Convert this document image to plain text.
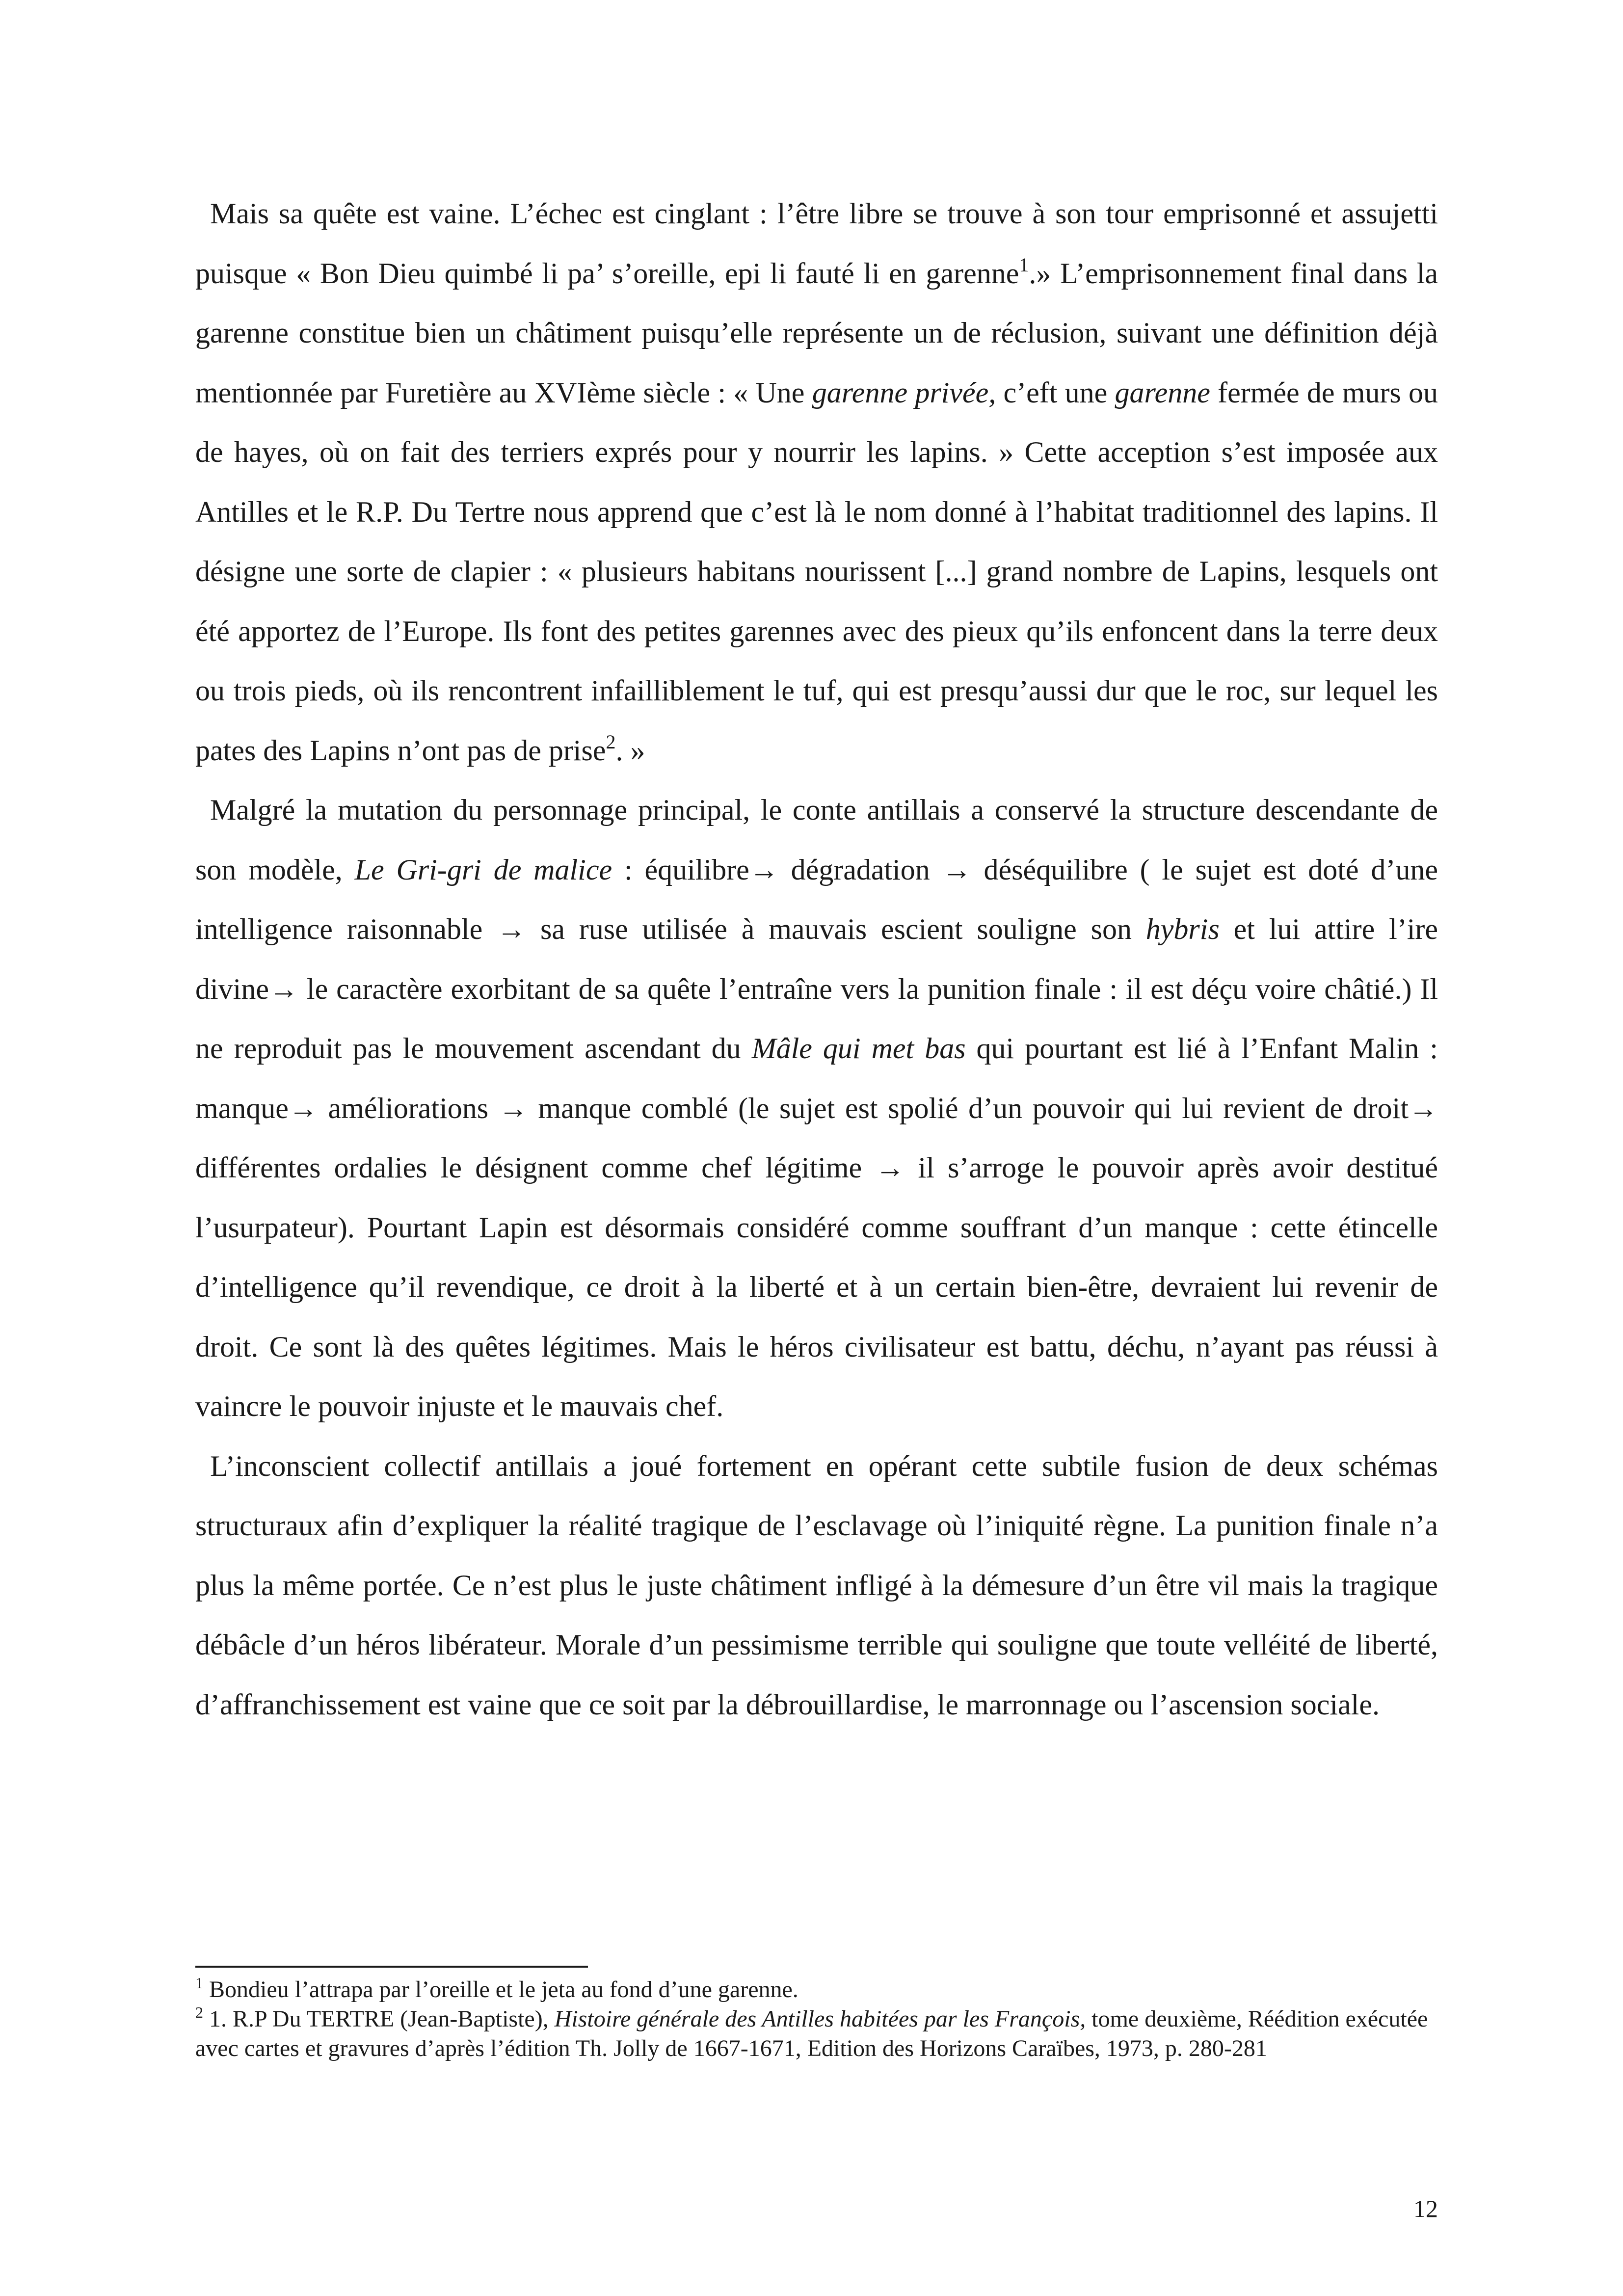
Mais sa quête est vaine. L’échec est cinglant : l’être libre se trouve à son tour emprisonné et assujetti puisque « Bon Dieu quimbé li pa’ s’oreille, epi li fauté li en garenne$^1$.» L’emprisonnement final dans la garenne constitue bien un châtiment puisqu’elle représente un de réclusion, suivant une définition déjà mentionnée par Furetière au XVIème siècle : « Une garenne privée, c’eft une garenne fermée de murs ou de hayes, où on fait des terriers exprés pour y nourrir les lapins. » Cette acception s’est imposée aux Antilles et le R.P. Du Tertre nous apprend que c’est là le nom donné à l’habitat traditionnel des lapins. Il désigne une sorte de clapier : « plusieurs habitans nourissent [...] grand nombre de Lapins, lesquels ont été apportez de l’Europe. Ils font des petites garennes avec des pieux qu’ils enfoncent dans la terre deux ou trois pieds, où ils rencontrent infailliblement le tuf, qui est presqu’aussi dur que le roc, sur lequel les pates des Lapins n’ont pas de prise$^2$. »

Malgré la mutation du personnage principal, le conte antillais a conservé la structure descendante de son modèle, Le Gri-gri de malice : équilibre→ dégradation → déséquilibre ( le sujet est doté d’une intelligence raisonnable → sa ruse utilisée à mauvais escient souligne son hybris et lui attire l’ire divine→ le caractère exorbitant de sa quête l’entraîne vers la punition finale : il est déçu voire châtié.) Il ne reproduit pas le mouvement ascendant du Mâle qui met bas qui pourtant est lié à l’Enfant Malin : manque→ améliorations → manque comblé (le sujet est spolié d’un pouvoir qui lui revient de droit→ différentes ordalies le désignent comme chef légitime → il s’arroge le pouvoir après avoir destitué l’usurpateur). Pourtant Lapin est désormais considéré comme souffrant d’un manque : cette étincelle d’intelligence qu’il revendique, ce droit à la liberté et à un certain bien-être, devraient lui revenir de droit. Ce sont là des quêtes légitimes. Mais le héros civilisateur est battu, déchu, n’ayant pas réussi à vaincre le pouvoir injuste et le mauvais chef.

L’inconscient collectif antillais a joué fortement en opérant cette subtile fusion de deux schémas structuraux afin d’expliquer la réalité tragique de l’esclavage où l’iniquité règne. La punition finale n’a plus la même portée. Ce n’est plus le juste châtiment infligé à la démesure d’un être vil mais la tragique débâcle d’un héros libérateur. Morale d’un pessimisme terrible qui souligne que toute velléité de liberté, d’affranchissement est vaine que ce soit par la débrouillardise, le marronnage ou l’ascension sociale.

$^1$ Bondieu l’attrapa par l’oreille et le jeta au fond d’une garenne.

$^2$ 1. R.P Du TERTRE (Jean-Baptiste), Histoire générale des Antilles habitées par les François, tome deuxième, Réédition exécutée avec cartes et gravures d’après l’édition Th. Jolly de 1667-1671, Edition des Horizons Caraïbes, 1973, p. 280-281

12
